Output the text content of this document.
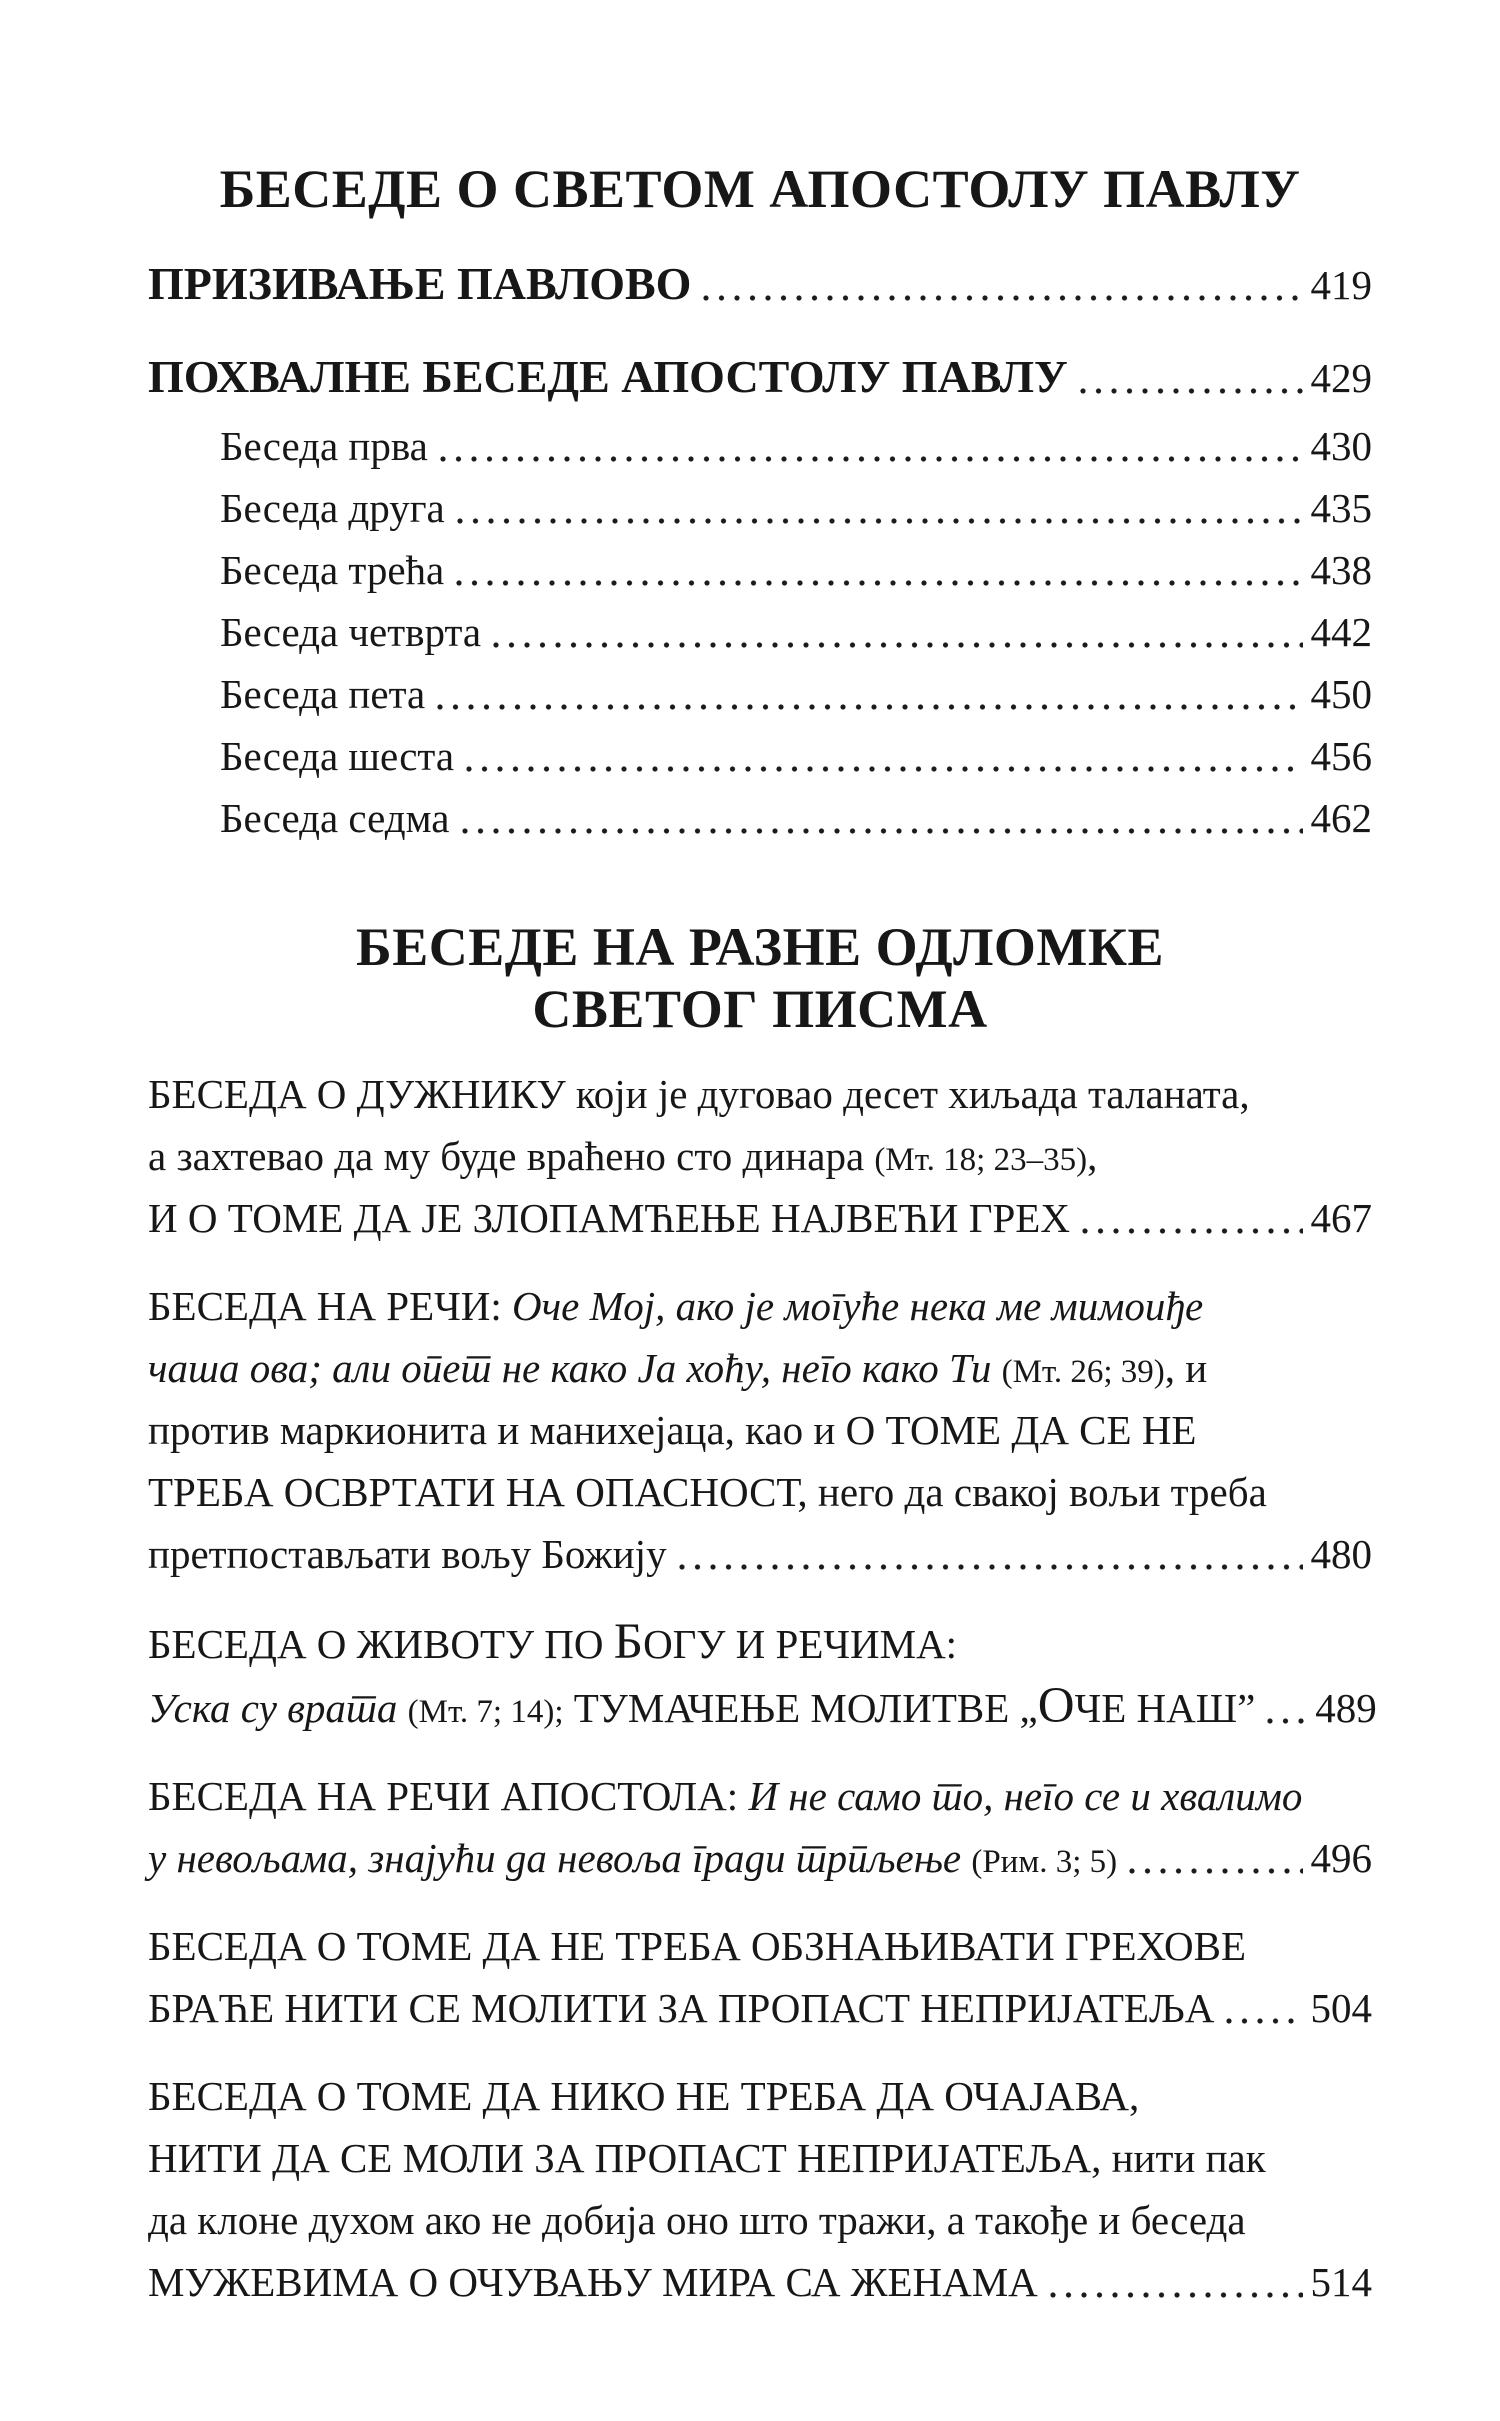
БЕСЕДЕ О СВЕТОМ АПОСТОЛУ ПАВЛУ
ПРИЗИВАЊЕ ПАВЛОВО	419
ПОХВАЛНЕ БЕСЕДЕ АПОСТОЛУ ПАВЛУ	429
Беседа прва	430
Беседа друга	435
Беседа трећа	438
Беседа четврта	442
Беседа пета	450
Беседа шеста	456
Беседа седма	462
БЕСЕДЕ НА РАЗНЕ ОДЛОМКЕ
СВЕТОГ ПИСМА
БЕСЕДА О ДУЖНИКУ који је дуговао десет хиљада таланата,
а захтевао да му буде враћено сто динара (Мт. 18; 23–35),
И О ТОМЕ ДА ЈЕ ЗЛОПАМЋЕЊЕ НАЈВЕЋИ ГРЕХ	467
БЕСЕДА НА РЕЧИ: Оче Мој, ако је могуће нека ме мимоиђе
чаша ова; али опет не како Ја хоћу, него како Ти (Мт. 26; 39), и
против маркионита и манихејаца, као и О ТОМЕ ДА СЕ НЕ
ТРЕБА ОСВРТАТИ НА ОПАСНОСТ, него да свакој вољи треба
претпостављати вољу Божију	480
БЕСЕДА О ЖИВОТУ ПО БОГУ И РЕЧИМА:
Уска су врата (Мт. 7; 14); ТУМАЧЕЊЕ МОЛИТВЕ „ОЧЕ НАШ” 489
БЕСЕДА НА РЕЧИ АПОСТОЛА: И не само то, него се и хвалимо
у невољама, знајући да невоља гради трпљење (Рим. 3; 5)	496
БЕСЕДА О ТОМЕ ДА НЕ ТРЕБА ОБЗНАЊИВАТИ ГРЕХОВЕ
БРАЋЕ НИТИ СЕ МОЛИТИ ЗА ПРОПАСТ НЕПРИЈАТЕЉА 504
БЕСЕДА О ТОМЕ ДА НИКО НЕ ТРЕБА ДА ОЧАЈАВА,
НИТИ ДА СЕ МОЛИ ЗА ПРОПАСТ НЕПРИЈАТЕЉА, нити пак
да клоне духом ако не добија оно што тражи, а такође и беседа
МУЖЕВИМА О ОЧУВАЊУ МИРА СА ЖЕНАМА	514
